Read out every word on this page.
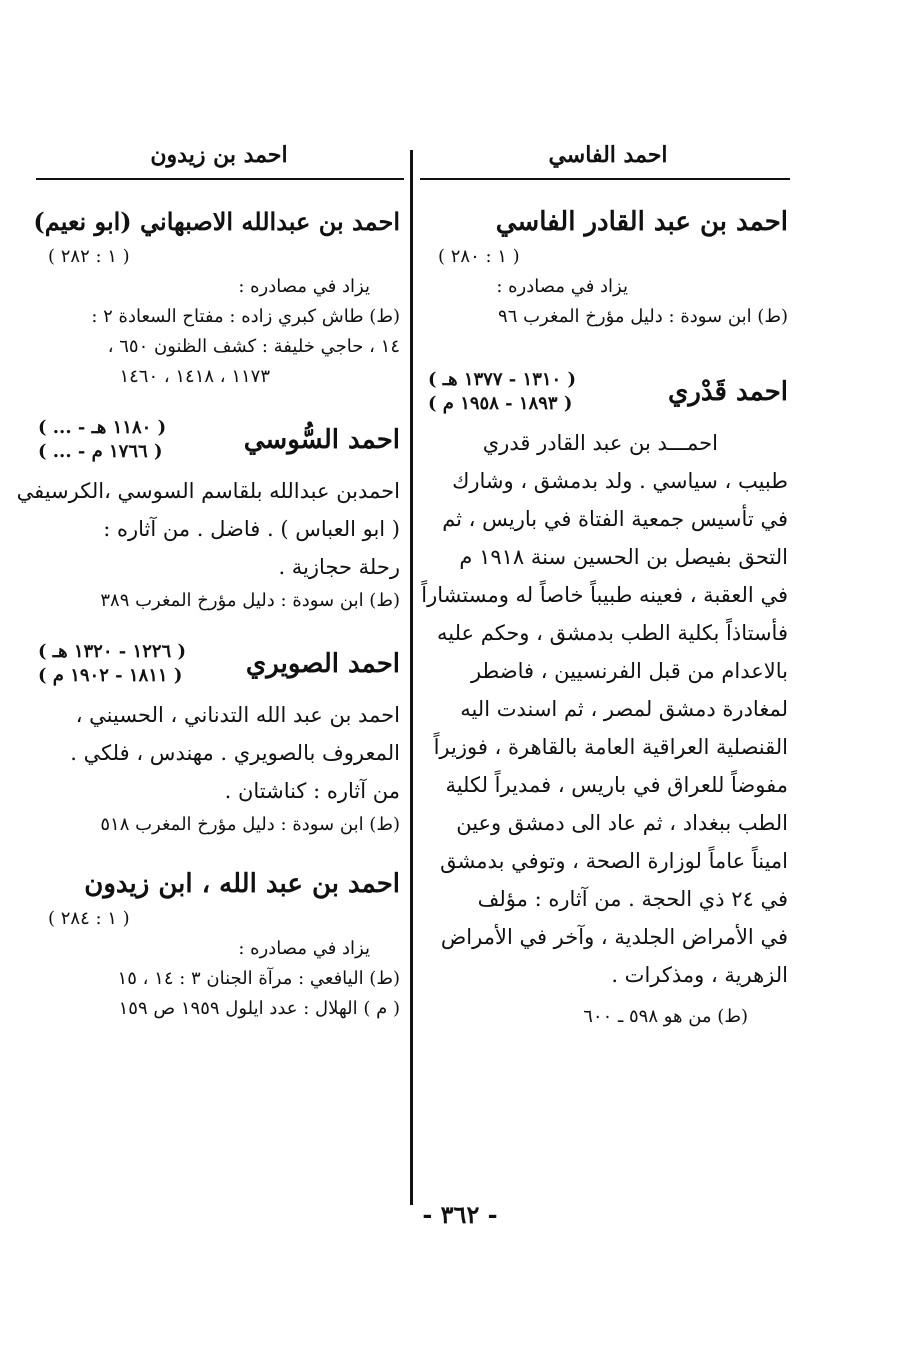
احمد الفاسي
احمد بن عبد القادر الفاسي
( ١ : ٢٨٠ )
يزاد في مصادره :
(ط) ابن سودة : دليل مؤرخ المغرب ٩٦
احمد قَدْري
( ١٣١٠ - ١٣٧٧ هـ )
( ١٨٩٣ - ١٩٥٨ م )
احمـــد بن عبد القادر قدري
طبيب ، سياسي . ولد بدمشق ، وشارك
في تأسيس جمعية الفتاة في باريس ، ثم
التحق بفيصل بن الحسين سنة ١٩١٨ م
في العقبة ، فعينه طبيباً خاصاً له ومستشاراً
فأستاذاً بكلية الطب بدمشق ، وحكم عليه
بالاعدام من قبل الفرنسيين ، فاضطر
لمغادرة دمشق لمصر ، ثم اسندت اليه
القنصلية العراقية العامة بالقاهرة ، فوزيراً
مفوضاً للعراق في باريس ، فمديراً لكلية
الطب ببغداد ، ثم عاد الى دمشق وعين
اميناً عاماً لوزارة الصحة ، وتوفي بدمشق
في ٢٤ ذي الحجة . من آثاره : مؤلف
في الأمراض الجلدية ، وآخر في الأمراض
الزهرية ، ومذكرات .
(ط) من هو ٥٩٨ ـ ٦٠٠
احمد بن زيدون
احمد بن عبدالله الاصبهاني (ابو نعيم)
( ١ : ٢٨٢ )
يزاد في مصادره :
(ط) طاش كبري زاده : مفتاح السعادة ٢ :
١٤ ، حاجي خليفة : كشف الظنون ٦٥٠ ،
١١٧٣ ، ١٤١٨ ، ١٤٦٠
احمد السُّوسي
( ... - ١١٨٠ هـ )
( ... - ١٧٦٦ م )
احمدبن عبدالله بلقاسم السوسي ،الكرسيفي
( ابو العباس ) . فاضل . من آثاره :
رحلة حجازية .
(ط) ابن سودة : دليل مؤرخ المغرب ٣٨٩
احمد الصويري
( ١٢٢٦ - ١٣٢٠ هـ )
( ١٨١١ - ١٩٠٢ م )
احمد بن عبد الله التدناني ، الحسيني ،
المعروف بالصويري . مهندس ، فلكي .
من آثاره : كناشتان .
(ط) ابن سودة : دليل مؤرخ المغرب ٥١٨
احمد بن عبد الله ، ابن زيدون
( ١ : ٢٨٤ )
يزاد في مصادره :
(ط) اليافعي : مرآة الجنان ٣ : ١٤ ، ١٥
( م ) الهلال : عدد ايلول ١٩٥٩ ص ١٥٩
- ٣٦٢ -
